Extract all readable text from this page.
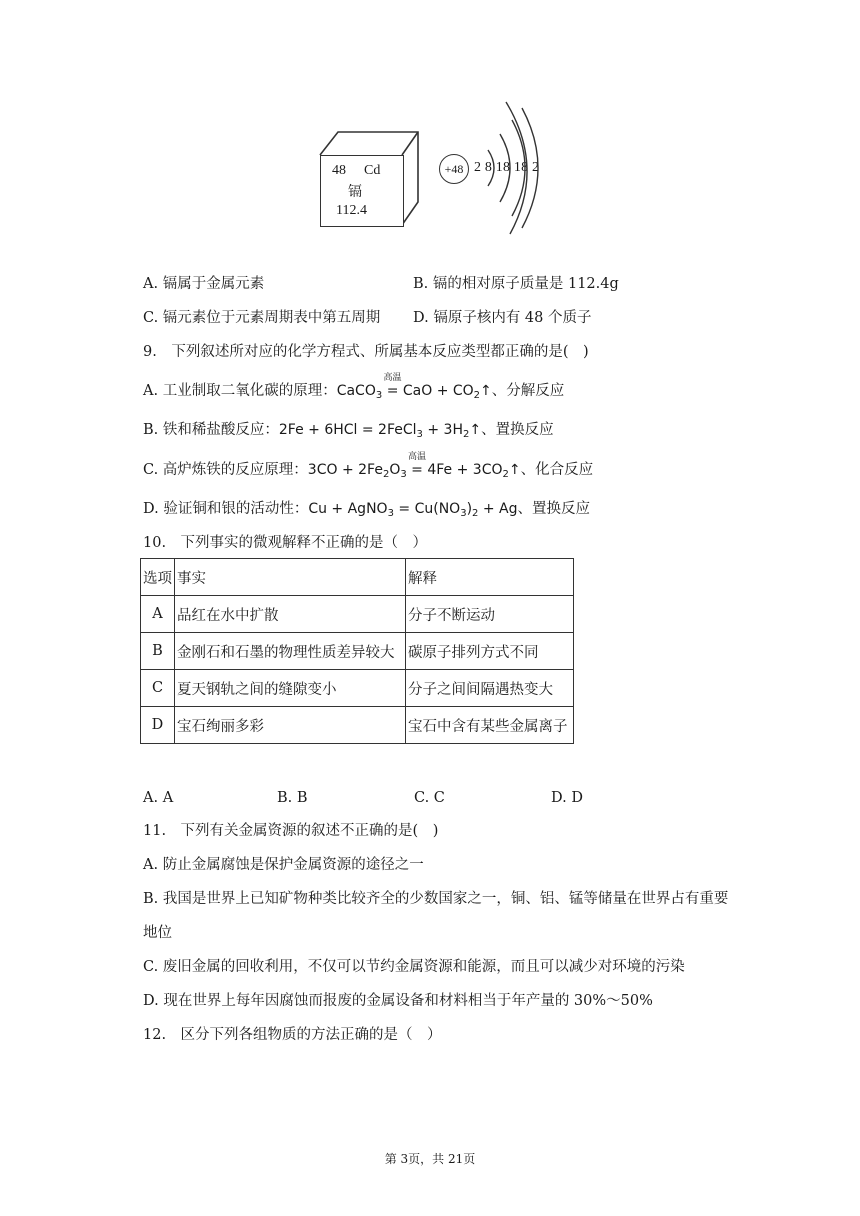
48 Cd
镉
112.4
+48 2 8 18 18 2
A. 镉属于金属元素	B. 镉的相对原子质量是 112.4g
C. 镉元素位于元素周期表中第五周期 D. 镉原子核内有 48 个质子
9.　下列叙述所对应的化学方程式、所属基本反应类型都正确的是(　)
A. 工业制取二氧化碳的原理：CaCO$_3$
高温
= CaO + $CO_2↑$、分解反应
B. 铁和稀盐酸反应：2Fe + 6HCl = 2FeCl$_3$ + $3H_2↑$、置换反应
C. 高炉炼铁的反应原理：$3CO + 2Fe_2O_3$
高温
= $4Fe + 3CO_2↑$、化合反应
D. 验证铜和银的活动性：Cu + AgNO$_3$ = $Cu(NO_3)_2 + Ag$、置换反应
10.　下列事实的微观解释不正确的是（　）
选项	事实	解释
A	品红在水中扩散	分子不断运动
B	金刚石和石墨的物理性质差异较大	碳原子排列方式不同
C	夏天钢轨之间的缝隙变小	分子之间间隔遇热变大
D	宝石绚丽多彩	宝石中含有某些金属离子
A. A	B. B	C. C	D. D
11.　下列有关金属资源的叙述不正确的是(　)
A. 防止金属腐蚀是保护金属资源的途径之一
B. 我国是世界上已知矿物种类比较齐全的少数国家之一，铜、铝、锰等储量在世界占有重要
地位
C. 废旧金属的回收利用，不仅可以节约金属资源和能源，而且可以减少对环境的污染
D. 现在世界上每年因腐蚀而报废的金属设备和材料相当于年产量的 30%～50%
12.　区分下列各组物质的方法正确的是（　）
第 3页，共 21页
